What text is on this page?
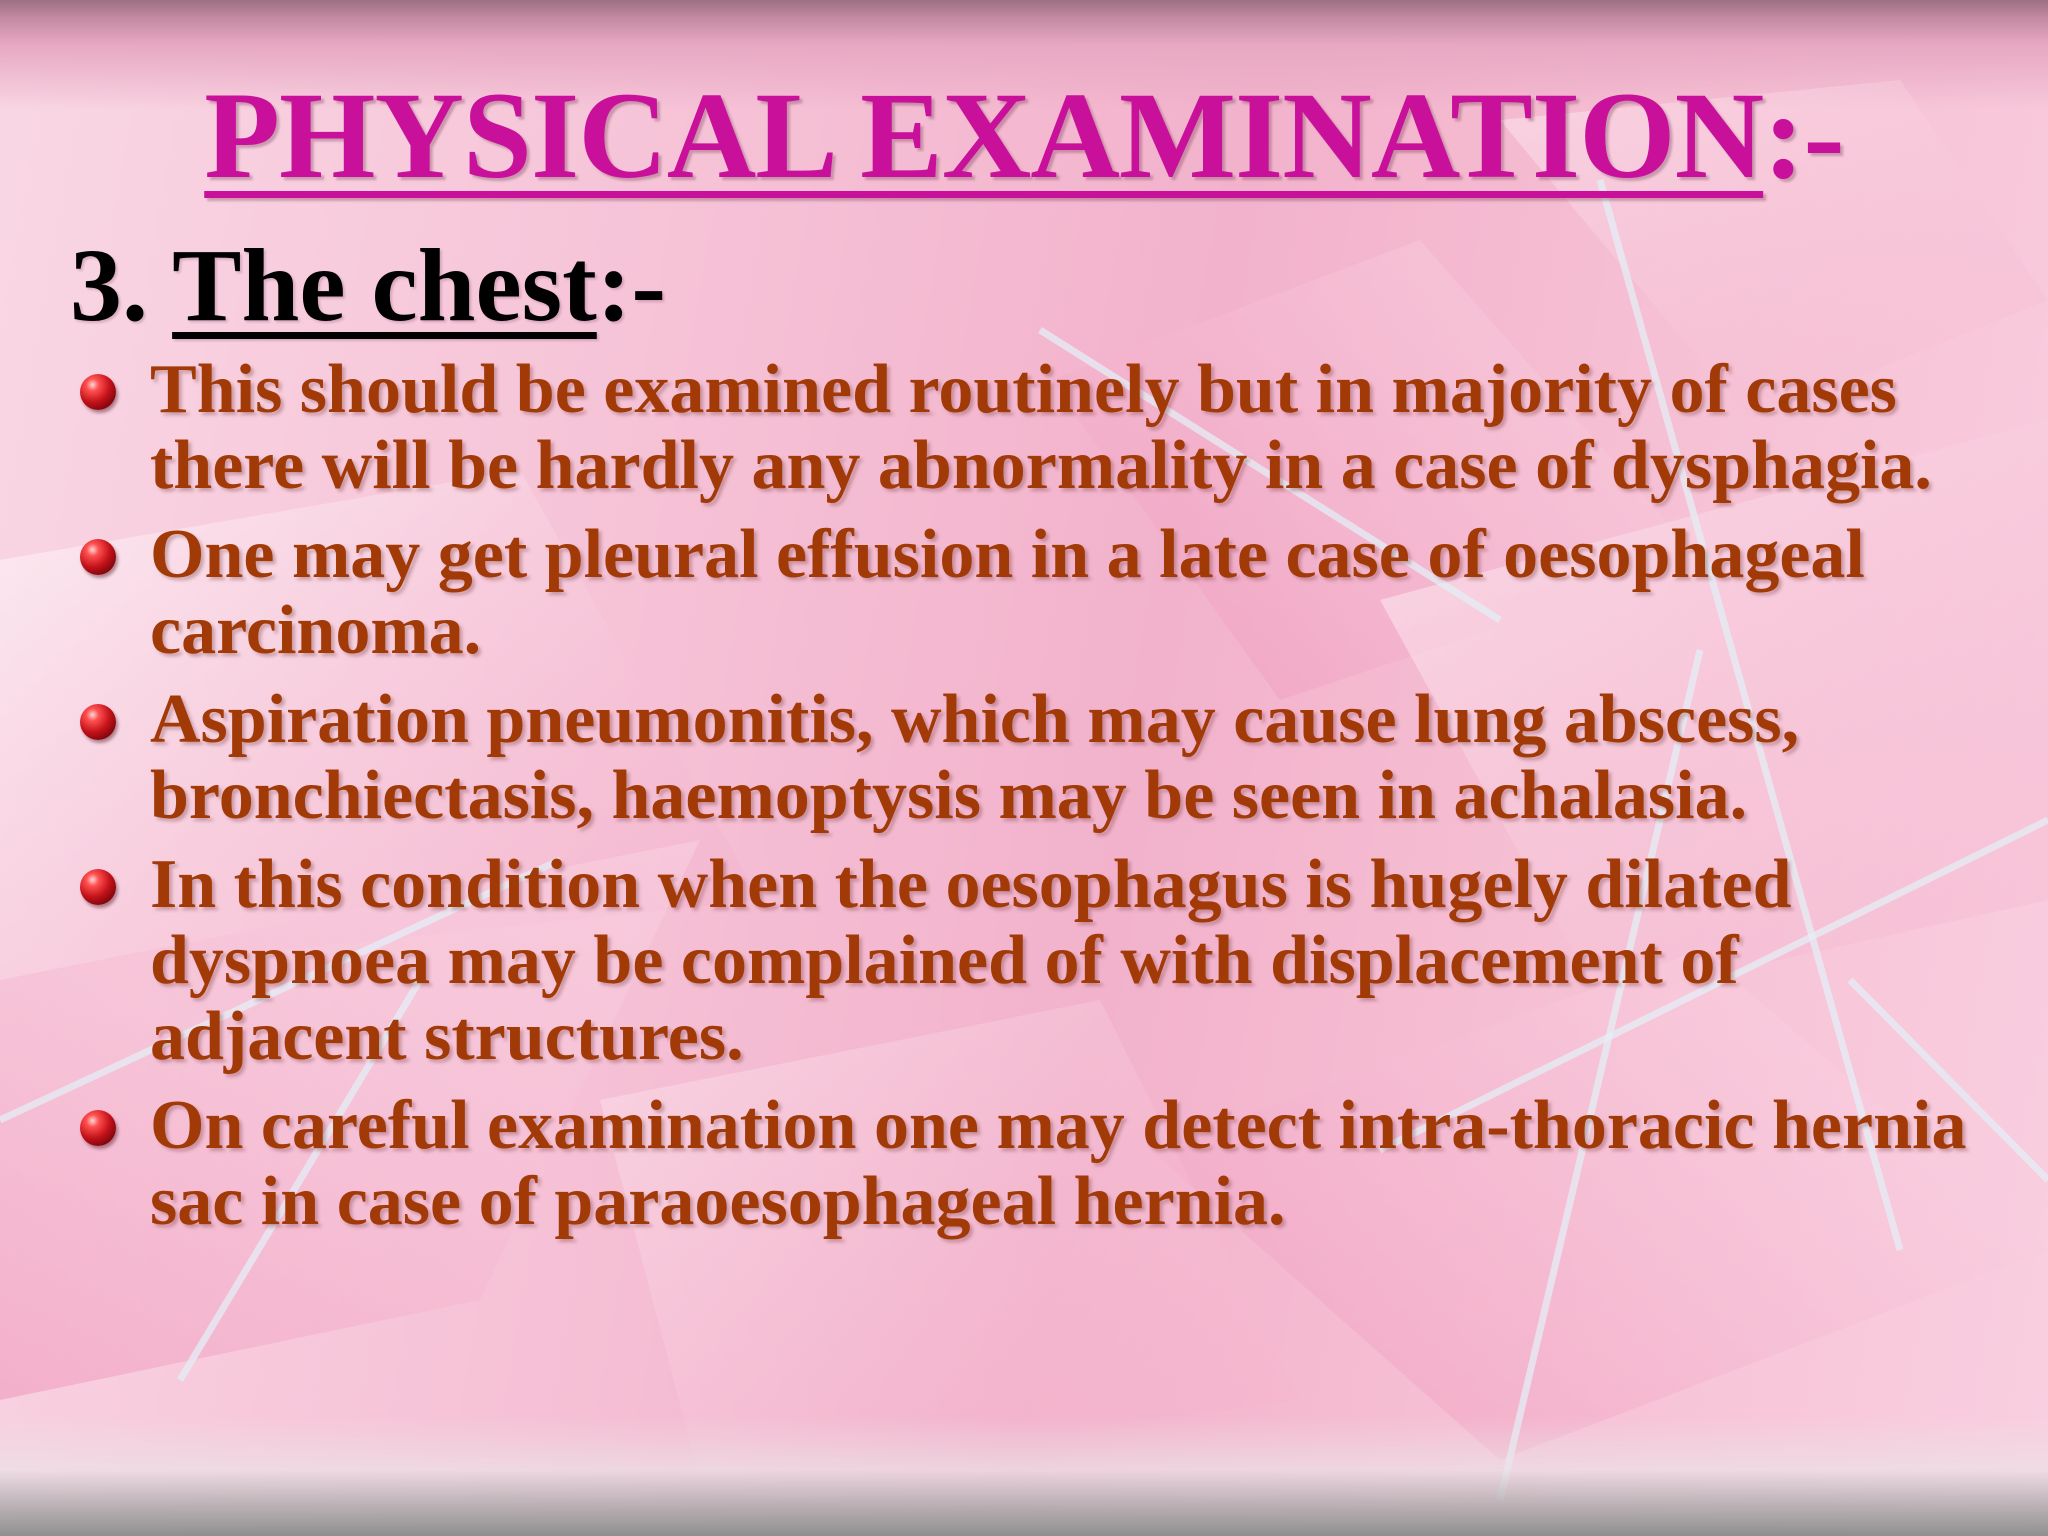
PHYSICAL EXAMINATION:-
3. The chest:-
This should be examined routinely but in majority of cases there will be hardly any abnormality in a case of dysphagia.
One may get pleural effusion in a late case of oesophageal carcinoma.
Aspiration pneumonitis, which may cause lung abscess, bronchiectasis, haemoptysis may be seen in achalasia.
In this condition when the oesophagus is hugely dilated dyspnoea may be complained of with displacement of adjacent structures.
On careful examination one may detect intra-thoracic hernia sac in case of paraoesophageal hernia.
